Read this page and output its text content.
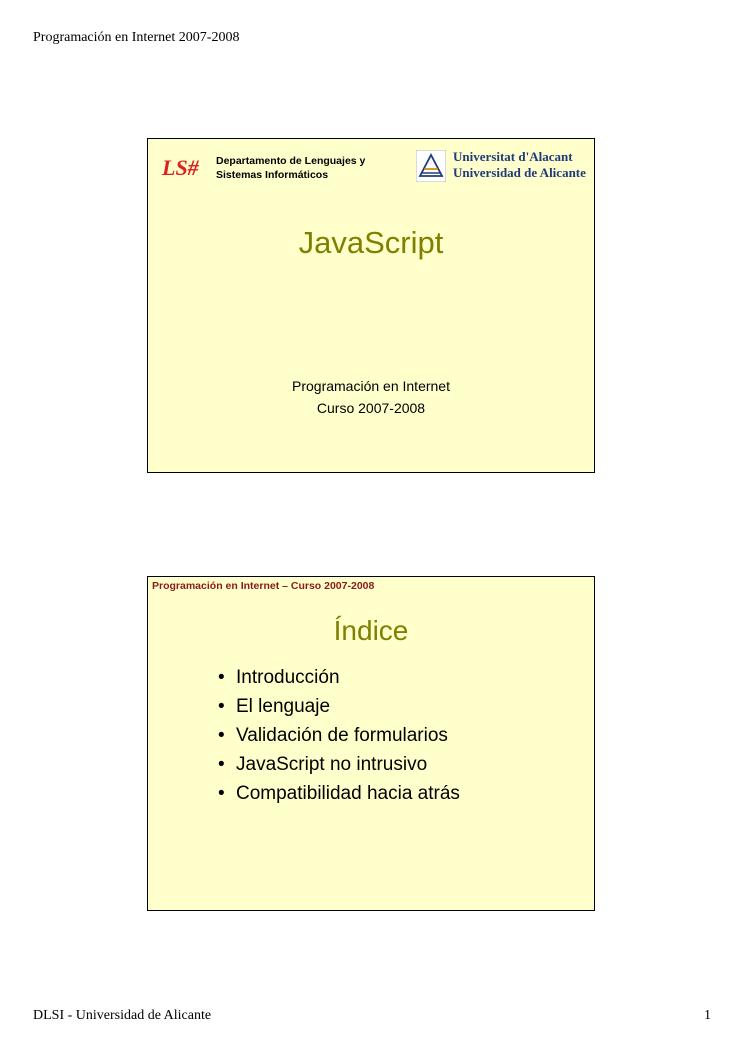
Programación en Internet 2007-2008
LS# Departamento de Lenguajes y
Sistemas Informáticos
Universitat d'Alacant
Universidad de Alicante
JavaScript
Programación en Internet
Curso 2007-2008
Programación en Internet – Curso 2007-2008
Índice
• Introducción
• El lenguaje
• Validación de formularios
• JavaScript no intrusivo
• Compatibilidad hacia atrás
DLSI - Universidad de Alicante	1
